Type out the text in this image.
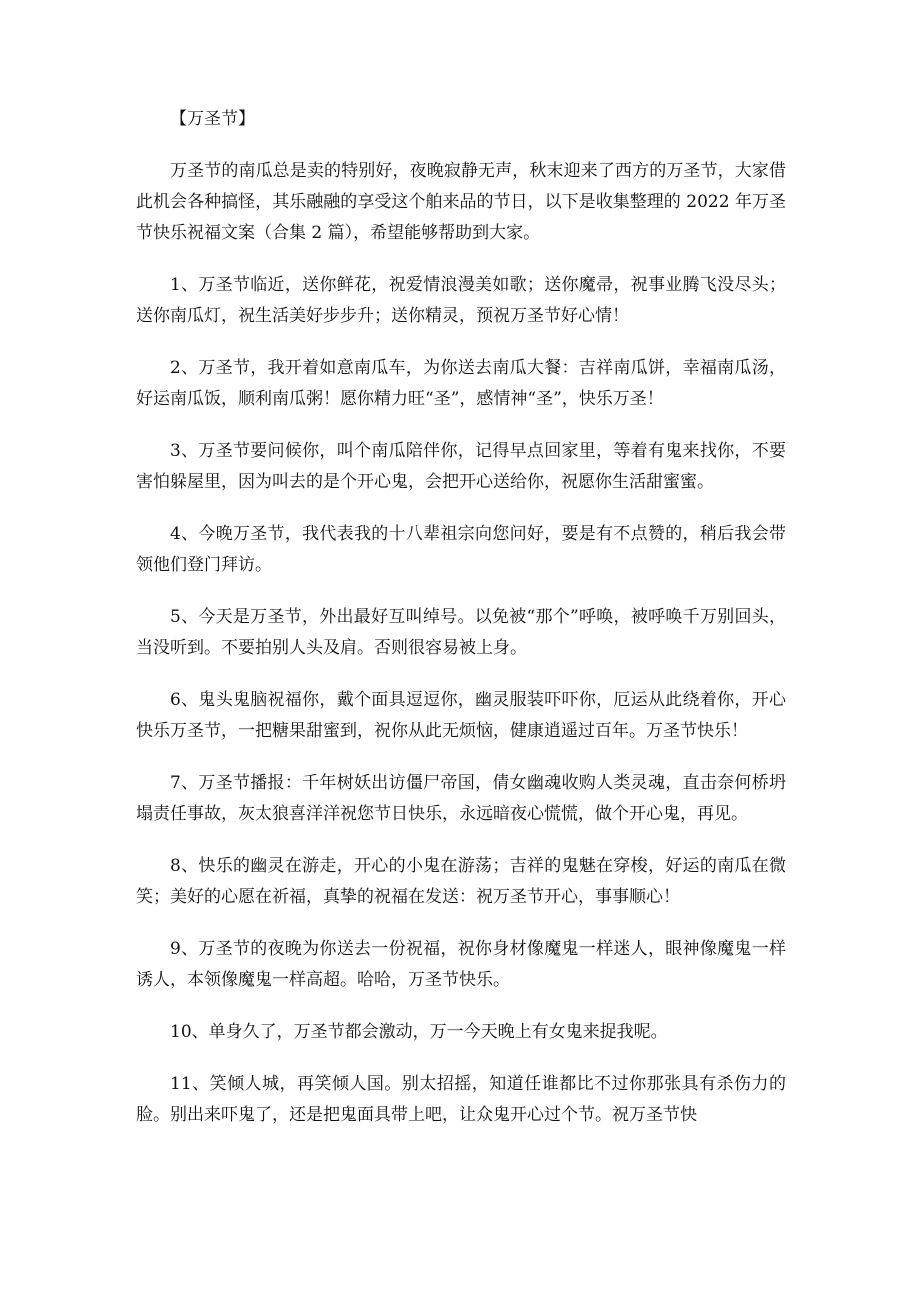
【万圣节】

万圣节的南瓜总是卖的特别好，夜晚寂静无声，秋末迎来了西方的万圣节，大家借此机会各种搞怪，其乐融融的享受这个舶来品的节日，以下是收集整理的 2022 年万圣节快乐祝福文案（合集 2 篇），希望能够帮助到大家。

1、万圣节临近，送你鲜花，祝爱情浪漫美如歌；送你魔帚，祝事业腾飞没尽头；送你南瓜灯，祝生活美好步步升；送你精灵，预祝万圣节好心情！

2、万圣节，我开着如意南瓜车，为你送去南瓜大餐：吉祥南瓜饼，幸福南瓜汤，好运南瓜饭，顺利南瓜粥！愿你精力旺“圣”，感情神“圣”，快乐万圣！

3、万圣节要问候你，叫个南瓜陪伴你，记得早点回家里，等着有鬼来找你，不要害怕躲屋里，因为叫去的是个开心鬼，会把开心送给你，祝愿你生活甜蜜蜜。

4、今晚万圣节，我代表我的十八辈祖宗向您问好，要是有不点赞的，稍后我会带领他们登门拜访。

5、今天是万圣节，外出最好互叫绰号。以免被“那个”呼唤，被呼唤千万别回头，当没听到。不要拍别人头及肩。否则很容易被上身。

6、鬼头鬼脑祝福你，戴个面具逗逗你，幽灵服装吓吓你，厄运从此绕着你，开心快乐万圣节，一把糖果甜蜜到，祝你从此无烦恼，健康逍遥过百年。万圣节快乐！

7、万圣节播报：千年树妖出访僵尸帝国，倩女幽魂收购人类灵魂，直击奈何桥坍塌责任事故，灰太狼喜洋洋祝您节日快乐，永远暗夜心慌慌，做个开心鬼，再见。

8、快乐的幽灵在游走，开心的小鬼在游荡；吉祥的鬼魅在穿梭，好运的南瓜在微笑；美好的心愿在祈福，真挚的祝福在发送：祝万圣节开心，事事顺心！

9、万圣节的夜晚为你送去一份祝福，祝你身材像魔鬼一样迷人，眼神像魔鬼一样诱人，本领像魔鬼一样高超。哈哈，万圣节快乐。

10、单身久了，万圣节都会激动，万一今天晚上有女鬼来捉我呢。

11、笑倾人城，再笑倾人国。别太招摇，知道任谁都比不过你那张具有杀伤力的脸。别出来吓鬼了，还是把鬼面具带上吧，让众鬼开心过个节。祝万圣节快
